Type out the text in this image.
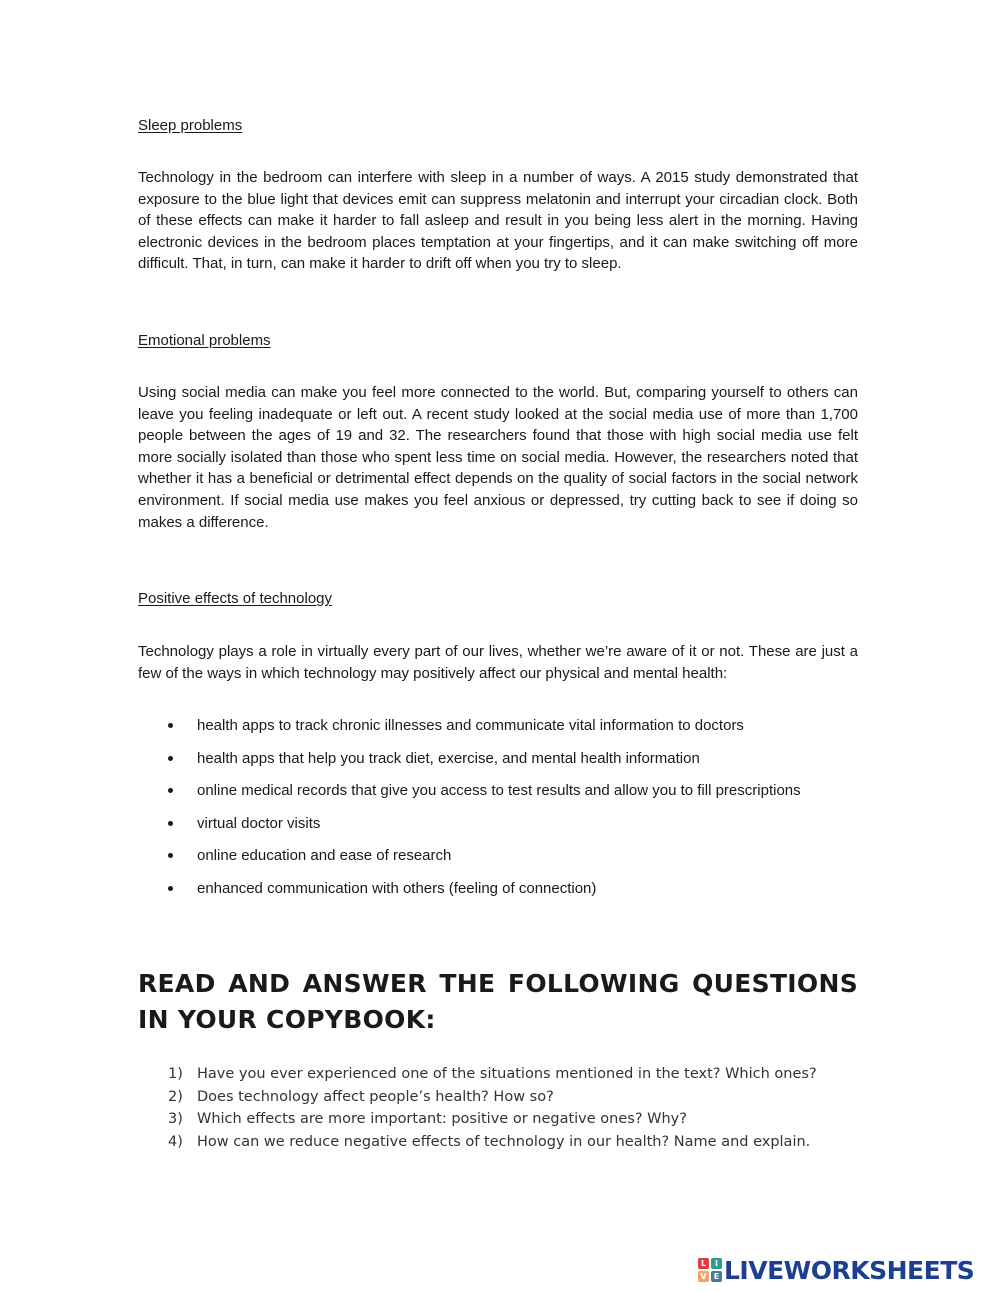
Sleep problems

Technology in the bedroom can interfere with sleep in a number of ways. A 2015 study demonstrated that exposure to the blue light that devices emit can suppress melatonin and interrupt your circadian clock. Both of these effects can make it harder to fall asleep and result in you being less alert in the morning. Having electronic devices in the bedroom places temptation at your fingertips, and it can make switching off more difficult. That, in turn, can make it harder to drift off when you try to sleep.

Emotional problems

Using social media can make you feel more connected to the world. But, comparing yourself to others can leave you feeling inadequate or left out. A recent study looked at the social media use of more than 1,700 people between the ages of 19 and 32. The researchers found that those with high social media use felt more socially isolated than those who spent less time on social media. However, the researchers noted that whether it has a beneficial or detrimental effect depends on the quality of social factors in the social network environment. If social media use makes you feel anxious or depressed, try cutting back to see if doing so makes a difference.

Positive effects of technology

Technology plays a role in virtually every part of our lives, whether we’re aware of it or not. These are just a few of the ways in which technology may positively affect our physical and mental health:

health apps to track chronic illnesses and communicate vital information to doctors
health apps that help you track diet, exercise, and mental health information
online medical records that give you access to test results and allow you to fill prescriptions
virtual doctor visits
online education and ease of research
enhanced communication with others (feeling of connection)
READ AND ANSWER THE FOLLOWING QUESTIONS IN YOUR COPYBOOK:
1) Have you ever experienced one of the situations mentioned in the text? Which ones?
2) Does technology affect people’s health? How so?
3) Which effects are more important: positive or negative ones? Why?
4) How can we reduce negative effects of technology in our health? Name and explain.
L	I
V E LIVEWORKSHEETS
